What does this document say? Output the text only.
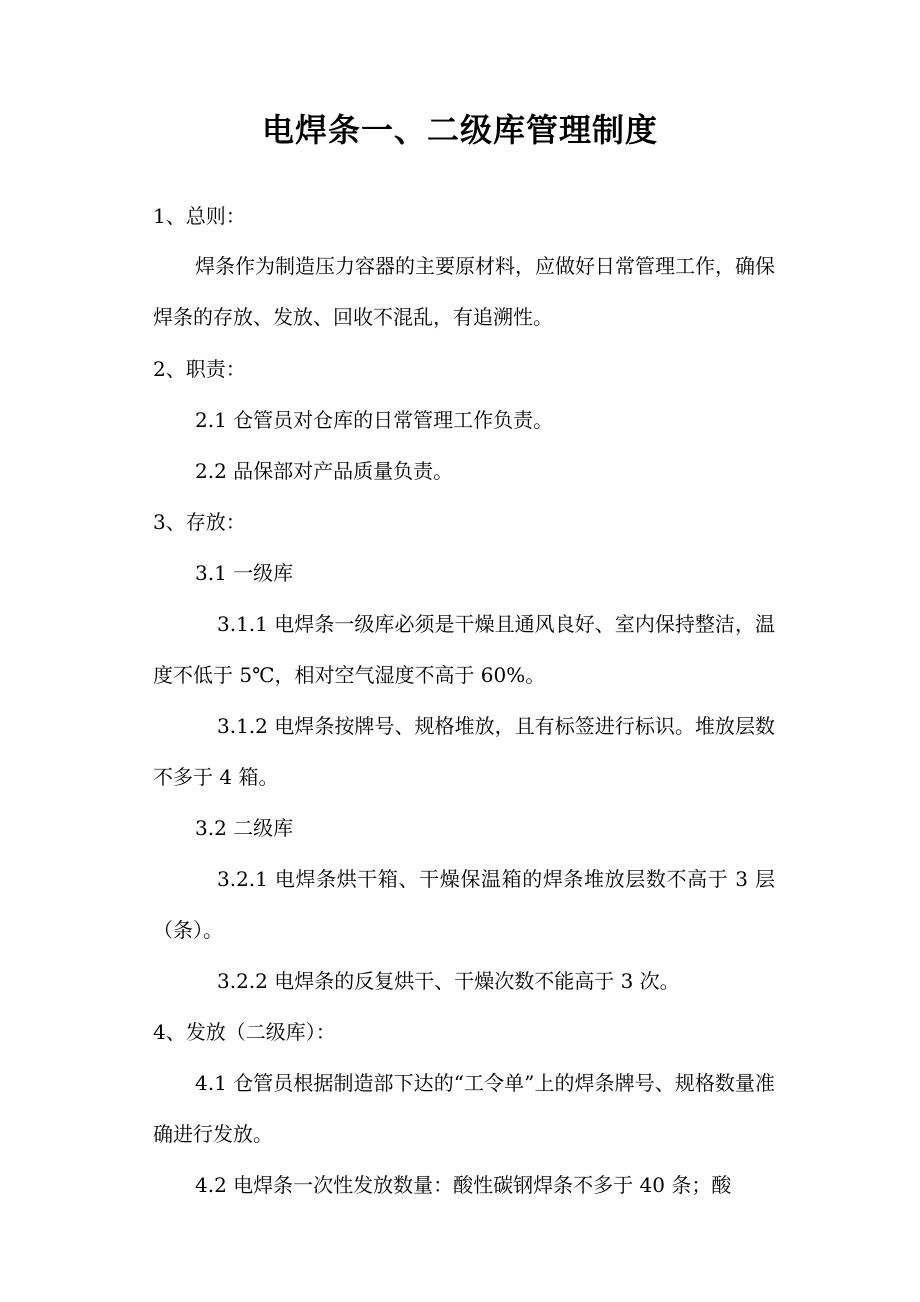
电焊条一、二级库管理制度

1、总则：

焊条作为制造压力容器的主要原材料，应做好日常管理工作，确保焊条的存放、发放、回收不混乱，有追溯性。

2、职责：

2.1 仓管员对仓库的日常管理工作负责。

2.2 品保部对产品质量负责。

3、存放：

3.1 一级库

3.1.1 电焊条一级库必须是干燥且通风良好、室内保持整洁，温度不低于 5℃，相对空气湿度不高于 60%。

3.1.2 电焊条按牌号、规格堆放，且有标签进行标识。堆放层数不多于 4 箱。

3.2 二级库

3.2.1 电焊条烘干箱、干燥保温箱的焊条堆放层数不高于 3 层（条）。

3.2.2 电焊条的反复烘干、干燥次数不能高于 3 次。

4、发放（二级库）：

4.1 仓管员根据制造部下达的“工令单”上的焊条牌号、规格数量准确进行发放。

4.2 电焊条一次性发放数量：酸性碳钢焊条不多于 40 条；酸
